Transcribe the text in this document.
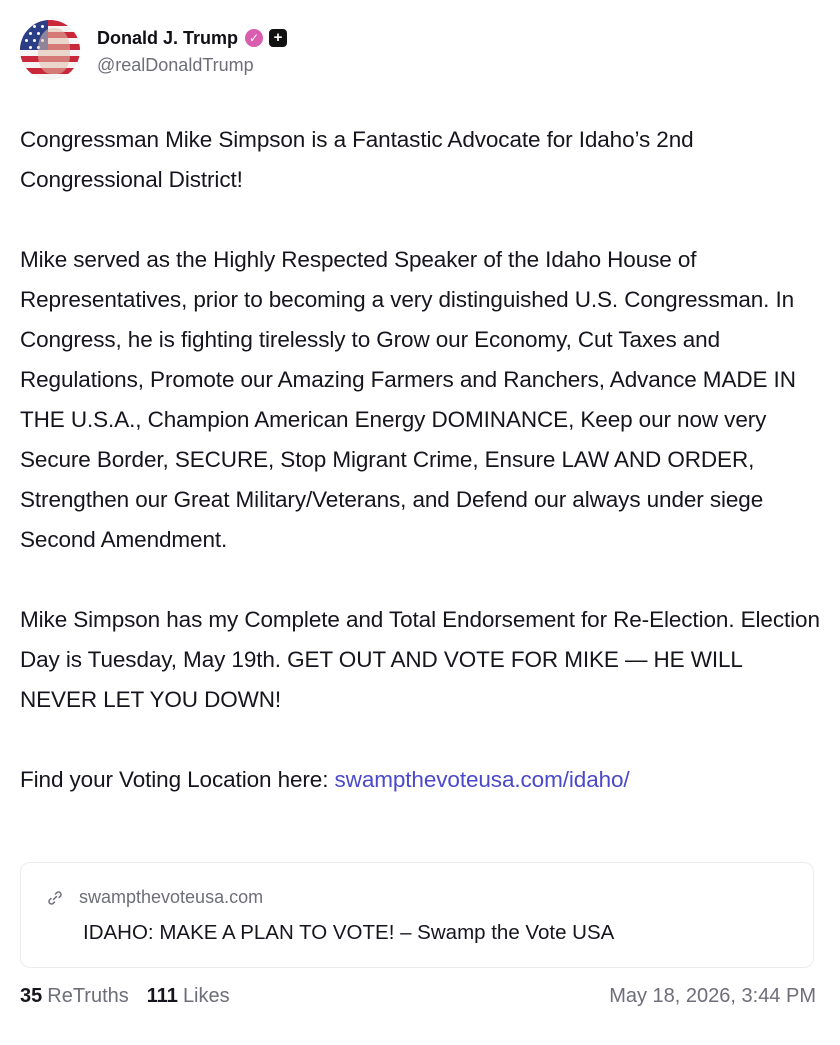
Donald J. Trump ✓ +
@realDonaldTrump

Congressman Mike Simpson is a Fantastic Advocate for Idaho’s 2nd Congressional District!

Mike served as the Highly Respected Speaker of the Idaho House of Representatives, prior to becoming a very distinguished U.S. Congressman. In Congress, he is fighting tirelessly to Grow our Economy, Cut Taxes and Regulations, Promote our Amazing Farmers and Ranchers, Advance MADE IN THE U.S.A., Champion American Energy DOMINANCE, Keep our now very Secure Border, SECURE, Stop Migrant Crime, Ensure LAW AND ORDER, Strengthen our Great Military/Veterans, and Defend our always under siege Second Amendment.

Mike Simpson has my Complete and Total Endorsement for Re-Election. Election Day is Tuesday, May 19th. GET OUT AND VOTE FOR MIKE — HE WILL NEVER LET YOU DOWN!

Find your Voting Location here: swampthevoteusa.com/idaho/

swampthevoteusa.com
IDAHO: MAKE A PLAN TO VOTE! – Swamp the Vote USA
35 ReTruths 111 Likes	May 18, 2026, 3:44 PM
